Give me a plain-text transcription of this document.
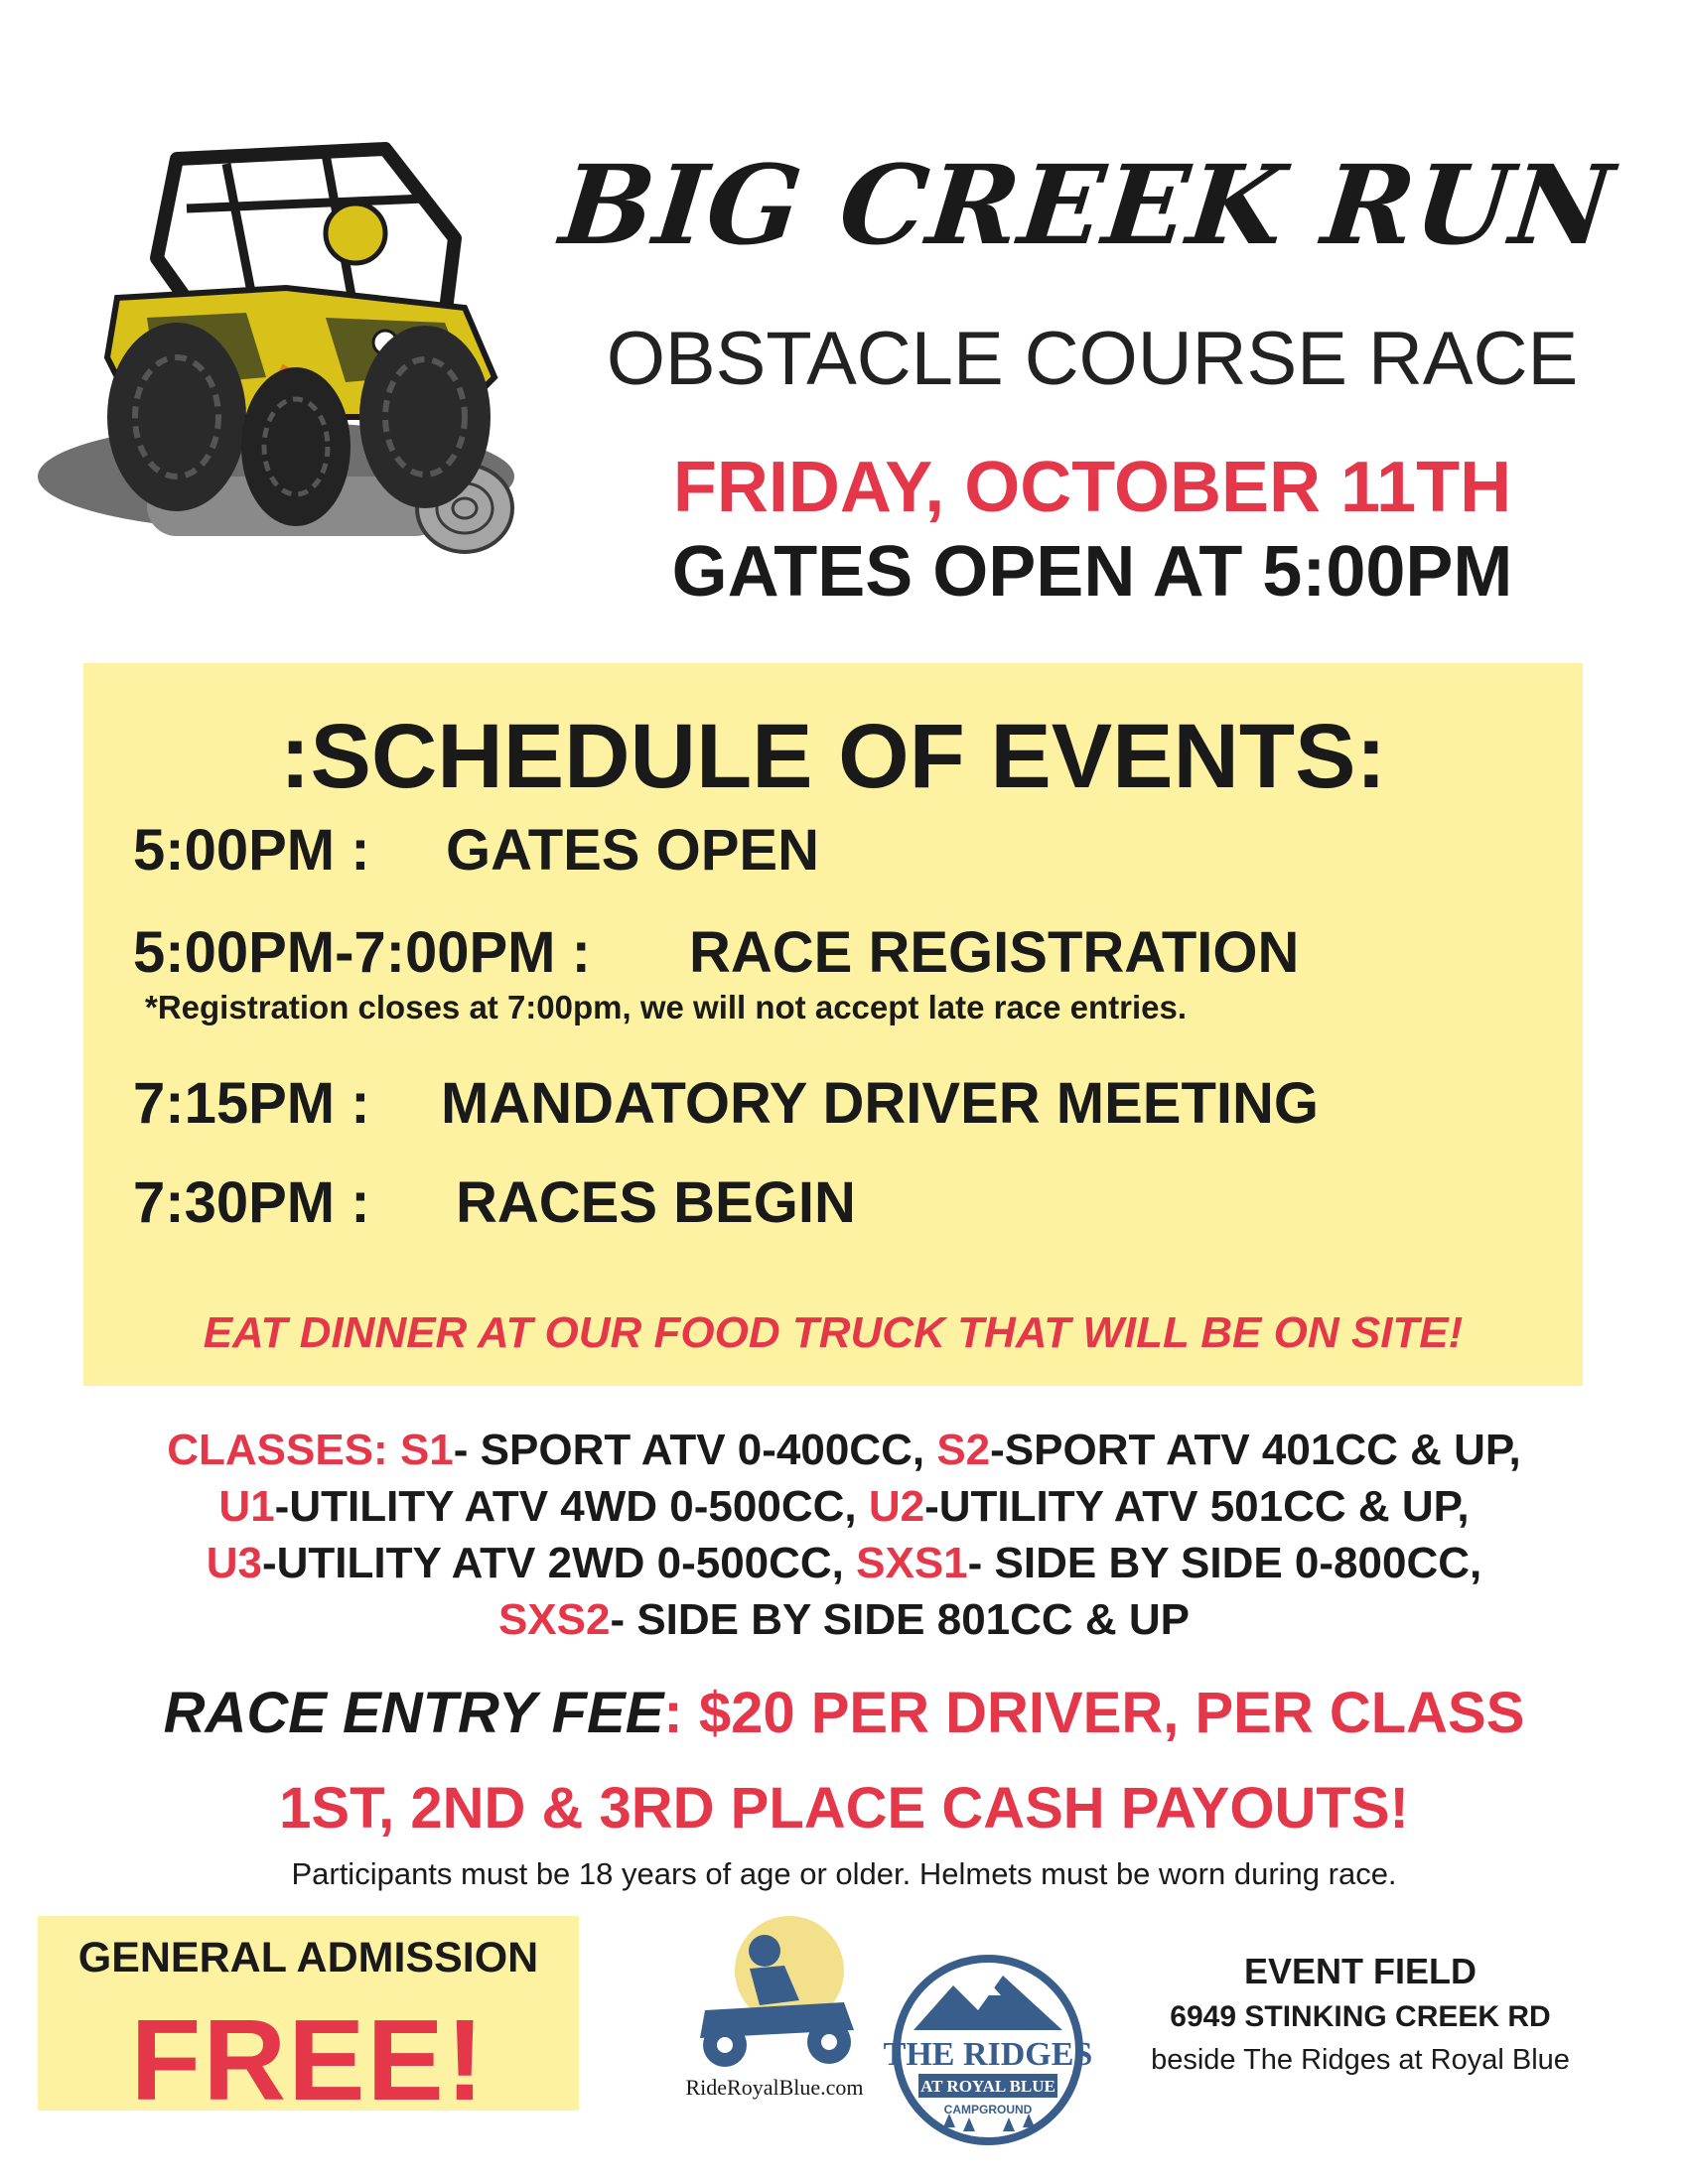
BIG CREEK RUN
OBSTACLE COURSE RACE
FRIDAY, OCTOBER 11TH
GATES OPEN AT 5:00PM
:SCHEDULE OF EVENTS:
5:00PM : GATES OPEN
5:00PM-7:00PM : RACE REGISTRATION
*Registration closes at 7:00pm, we will not accept late race entries.
7:15PM : MANDATORY DRIVER MEETING
7:30PM : RACES BEGIN
EAT DINNER AT OUR FOOD TRUCK THAT WILL BE ON SITE!
CLASSES: S1- SPORT ATV 0-400CC, S2-SPORT ATV 401CC & UP,
U1-UTILITY ATV 4WD 0-500CC, U2-UTILITY ATV 501CC & UP,
U3-UTILITY ATV 2WD 0-500CC, SXS1- SIDE BY SIDE 0-800CC,
SXS2- SIDE BY SIDE 801CC & UP
RACE ENTRY FEE: $20 PER DRIVER, PER CLASS
1ST, 2ND & 3RD PLACE CASH PAYOUTS!
Participants must be 18 years of age or older. Helmets must be worn during race.
GENERAL ADMISSION
FREE!	RideRoyalBlue.com
THE RIDGES
AT ROYAL BLUE
CAMPGROUND
EVENT FIELD
6949 STINKING CREEK RD
beside The Ridges at Royal Blue
